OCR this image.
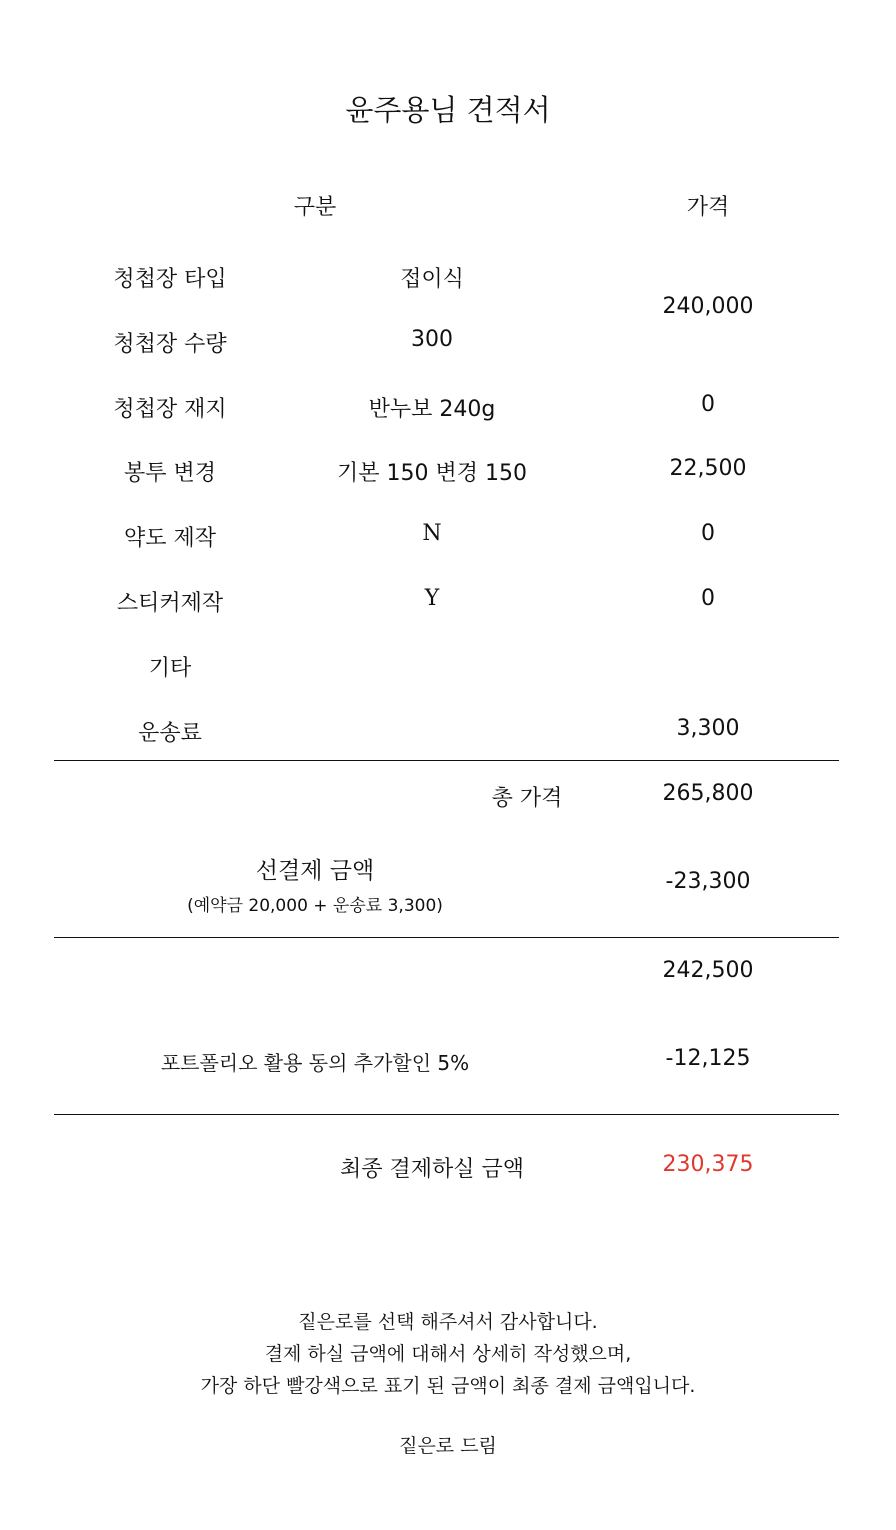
윤주용님 견적서
구분	가격
청첩장 타입	접이식
240,000
청첩장 수량	300
청첩장 재지	반누보 240g	0
봉투 변경	기본 150 변경 150	22,500
약도 제작	N	0
스티커제작	Y	0
기타
운송료	3,300
총 가격	265,800
선결제 금액
(예약금 20,000 + 운송료 3,300)
-23,300
242,500
포트폴리오 활용 동의 추가할인 5%	-12,125
최종 결제하실 금액	230,375
짙은로를 선택 해주셔서 감사합니다.
결제 하실 금액에 대해서 상세히 작성했으며,
가장 하단 빨강색으로 표기 된 금액이 최종 결제 금액입니다.
짙은로 드림
